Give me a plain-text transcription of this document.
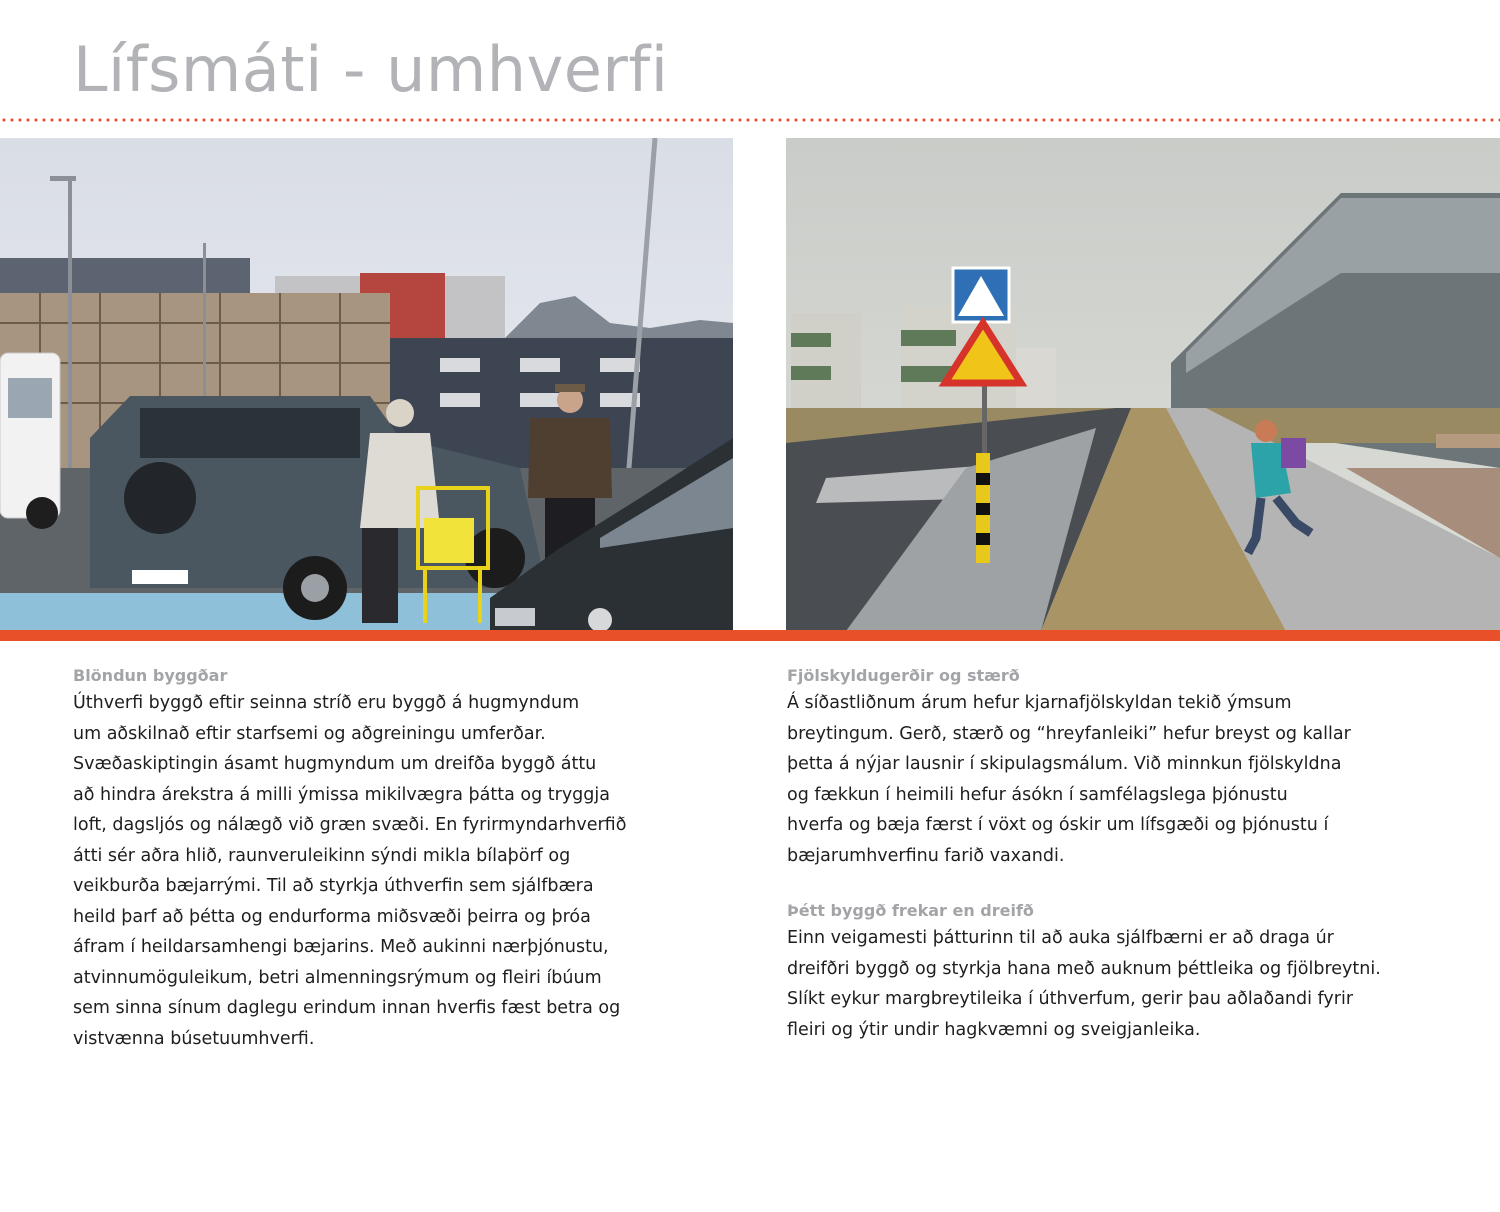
Lífsmáti - umhverfi
Blöndun byggðar

Úthverfi byggð eftir seinna stríð eru byggð á hugmyndum
um aðskilnað eftir starfsemi og aðgreiningu umferðar.
Svæðaskiptingin ásamt hugmyndum um dreifða byggð áttu
að hindra árekstra á milli ýmissa mikilvægra þátta og tryggja
loft, dagsljós og nálægð við græn svæði. En fyrirmyndarhverfið
átti sér aðra hlið, raunveruleikinn sýndi mikla bílaþörf og
veikburða bæjarrými. Til að styrkja úthverfin sem sjálfbæra
heild þarf að þétta og endurforma miðsvæði þeirra og þróa
áfram í heildarsamhengi bæjarins. Með aukinni nærþjónustu,
atvinnumöguleikum, betri almenningsrýmum og fleiri íbúum
sem sinna sínum daglegu erindum innan hverfis fæst betra og
vistvænna búsetuumhverfi.

Fjölskyldugerðir og stærð

Á síðastliðnum árum hefur kjarnafjölskyldan tekið ýmsum
breytingum. Gerð, stærð og “hreyfanleiki” hefur breyst og kallar
þetta á nýjar lausnir í skipulagsmálum. Við minnkun fjölskyldna
og fækkun í heimili hefur ásókn í samfélagslega þjónustu
hverfa og bæja færst í vöxt og óskir um lífsgæði og þjónustu í
bæjarumhverfinu farið vaxandi.

Þétt byggð frekar en dreifð

Einn veigamesti þátturinn til að auka sjálfbærni er að draga úr
dreifðri byggð og styrkja hana með auknum þéttleika og fjölbreytni.
Slíkt eykur margbreytileika í úthverfum, gerir þau aðlaðandi fyrir
fleiri og ýtir undir hagkvæmni og sveigjanleika.
